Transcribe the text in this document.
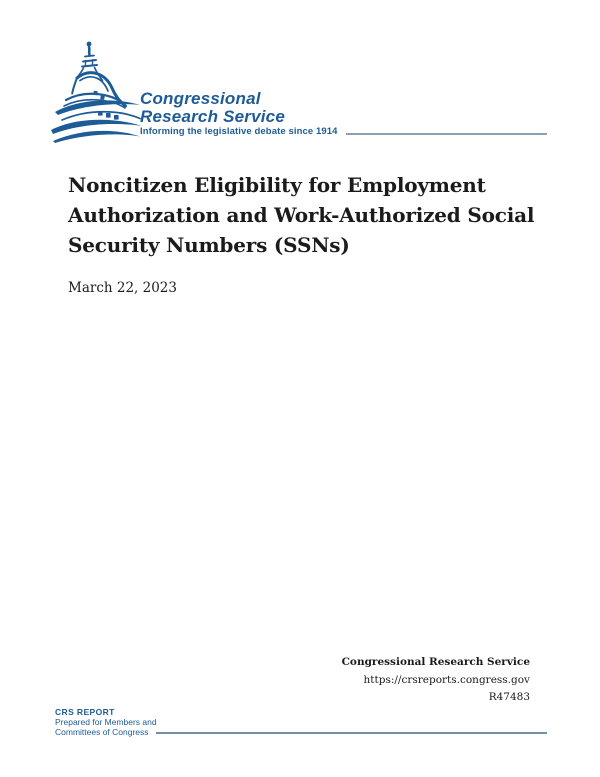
Congressional
Research Service
Informing the legislative debate since 1914
Noncitizen Eligibility for Employment
Authorization and Work-Authorized Social
Security Numbers (SSNs)
March 22, 2023
Congressional Research Service
https://crsreports.congress.gov
R47483
CRS REPORT
Prepared for Members and
Committees of Congress
